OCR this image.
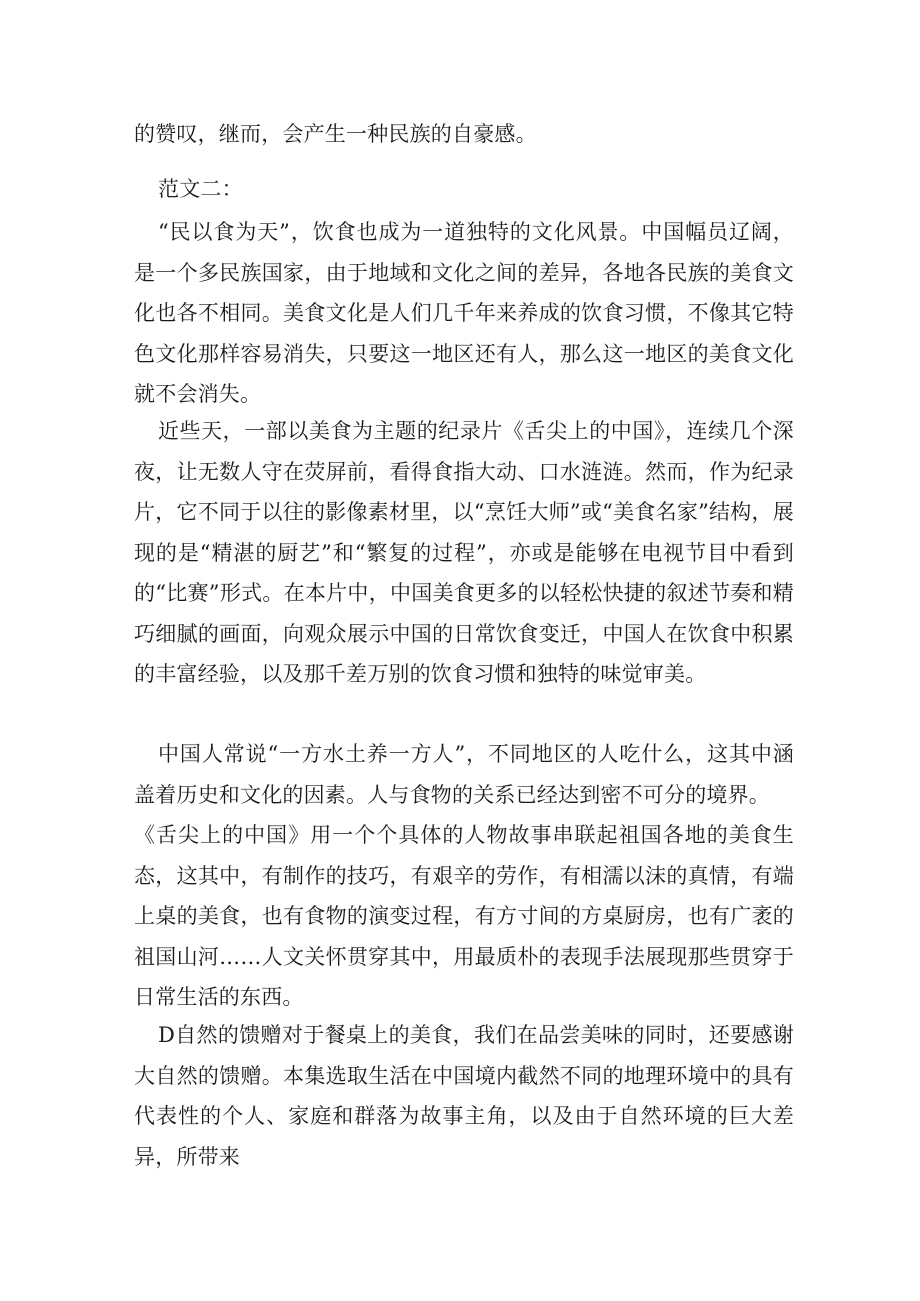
的赞叹，继而，会产生一种民族的自豪感。

范文二：

“民以食为天”，饮食也成为一道独特的文化风景。中国幅员辽阔，是一个多民族国家，由于地域和文化之间的差异，各地各民族的美食文化也各不相同。美食文化是人们几千年来养成的饮食习惯，不像其它特色文化那样容易消失，只要这一地区还有人，那么这一地区的美食文化就不会消失。

近些天，一部以美食为主题的纪录片《舌尖上的中国》，连续几个深夜，让无数人守在荧屏前，看得食指大动、口水涟涟。然而，作为纪录片，它不同于以往的影像素材里，以“烹饪大师”或“美食名家”结构，展现的是“精湛的厨艺”和“繁复的过程”，亦或是能够在电视节目中看到的“比赛”形式。在本片中，中国美食更多的以轻松快捷的叙述节奏和精巧细腻的画面，向观众展示中国的日常饮食变迁，中国人在饮食中积累的丰富经验，以及那千差万别的饮食习惯和独特的味觉审美。

中国人常说“一方水土养一方人”，不同地区的人吃什么，这其中涵盖着历史和文化的因素。人与食物的关系已经达到密不可分的境界。

《舌尖上的中国》用一个个具体的人物故事串联起祖国各地的美食生态，这其中，有制作的技巧，有艰辛的劳作，有相濡以沫的真情，有端上桌的美食，也有食物的演变过程，有方寸间的方桌厨房，也有广袤的祖国山河……人文关怀贯穿其中，用最质朴的表现手法展现那些贯穿于日常生活的东西。

D自然的馈赠对于餐桌上的美食，我们在品尝美味的同时，还要感谢大自然的馈赠。本集选取生活在中国境内截然不同的地理环境中的具有代表性的个人、家庭和群落为故事主角，以及由于自然环境的巨大差异，所带来
